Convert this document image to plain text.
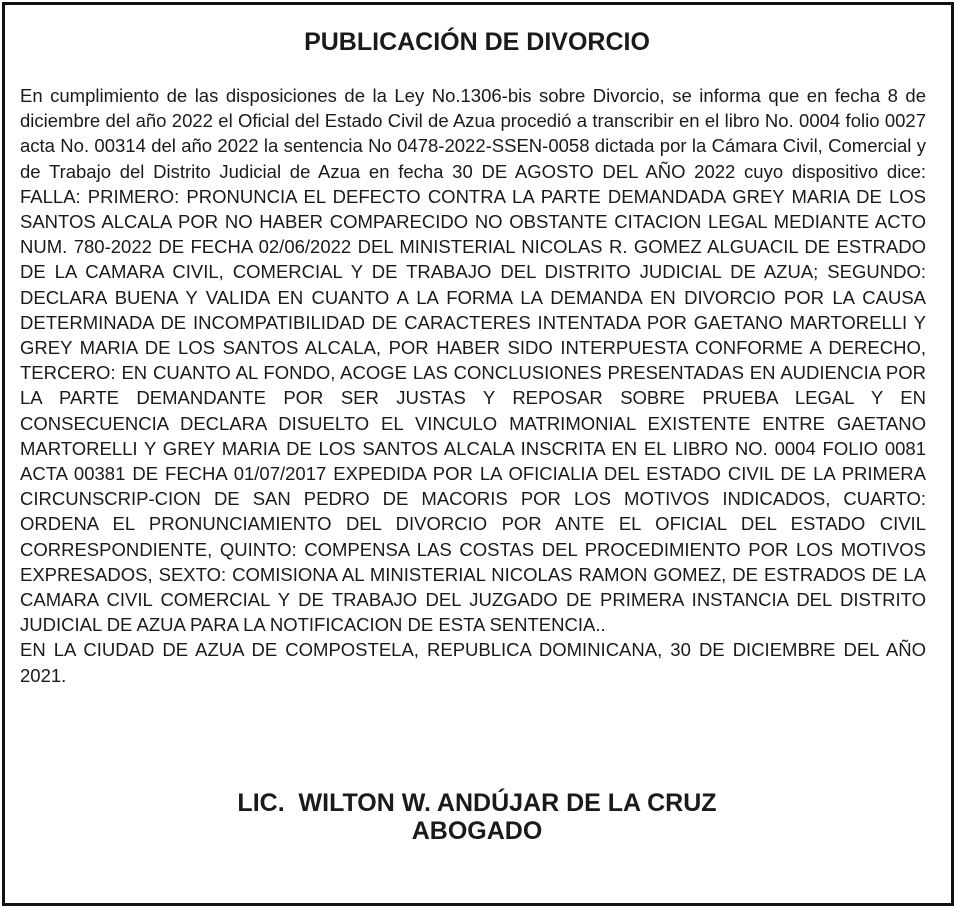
PUBLICACIÓN DE DIVORCIO

En cumplimiento de las disposiciones de la Ley No.1306-bis sobre Divorcio, se informa que en fecha 8 de diciembre del año 2022 el Oficial del Estado Civil de Azua procedió a transcribir en el libro No. 0004 folio 0027 acta No. 00314 del año 2022 la sentencia No 0478-2022-SSEN-0058 dictada por la Cámara Civil, Comercial y de Trabajo del Distrito Judicial de Azua en fecha 30 DE AGOSTO DEL AÑO 2022 cuyo dispositivo dice: FALLA: PRIMERO: PRONUNCIA EL DEFECTO CONTRA LA PARTE DEMANDADA GREY MARIA DE LOS SANTOS ALCALA POR NO HABER COMPARECIDO NO OBSTANTE CITACION LEGAL MEDIANTE ACTO NUM. 780-2022 DE FECHA 02/06/2022 DEL MINISTERIAL NICOLAS R. GOMEZ ALGUACIL DE ESTRADO DE LA CAMARA CIVIL, COMERCIAL Y DE TRABAJO DEL DISTRITO JUDICIAL DE AZUA; SEGUNDO: DECLARA BUENA Y VALIDA EN CUANTO A LA FORMA LA DEMANDA EN DIVORCIO POR LA CAUSA DETERMINADA DE INCOMPATIBILIDAD DE CARACTERES INTENTADA POR GAETANO MARTORELLI Y GREY MARIA DE LOS SANTOS ALCALA, POR HABER SIDO INTERPUESTA CONFORME A DERECHO, TERCERO: EN CUANTO AL FONDO, ACOGE LAS CONCLUSIONES PRESENTADAS EN AUDIENCIA POR LA PARTE DEMANDANTE POR SER JUSTAS Y REPOSAR SOBRE PRUEBA LEGAL Y EN CONSECUENCIA DECLARA DISUELTO EL VINCULO MATRIMONIAL EXISTENTE ENTRE GAETANO MARTORELLI Y GREY MARIA DE LOS SANTOS ALCALA INSCRITA EN EL LIBRO NO. 0004 FOLIO 0081 ACTA 00381 DE FECHA 01/07/2017 EXPEDIDA POR LA OFICIALIA DEL ESTADO CIVIL DE LA PRIMERA CIRCUNSCRIP-CION DE SAN PEDRO DE MACORIS POR LOS MOTIVOS INDICADOS, CUARTO: ORDENA EL PRONUNCIAMIENTO DEL DIVORCIO POR ANTE EL OFICIAL DEL ESTADO CIVIL CORRESPONDIENTE, QUINTO: COMPENSA LAS COSTAS DEL PROCEDIMIENTO POR LOS MOTIVOS EXPRESADOS, SEXTO: COMISIONA AL MINISTERIAL NICOLAS RAMON GOMEZ, DE ESTRADOS DE LA CAMARA CIVIL COMERCIAL Y DE TRABAJO DEL JUZGADO DE PRIMERA INSTANCIA DEL DISTRITO JUDICIAL DE AZUA PARA LA NOTIFICACION DE ESTA SENTENCIA..

EN LA CIUDAD DE AZUA DE COMPOSTELA, REPUBLICA DOMINICANA, 30 DE DICIEMBRE DEL AÑO 2021.

LIC.  WILTON W. ANDÚJAR DE LA CRUZ
ABOGADO
